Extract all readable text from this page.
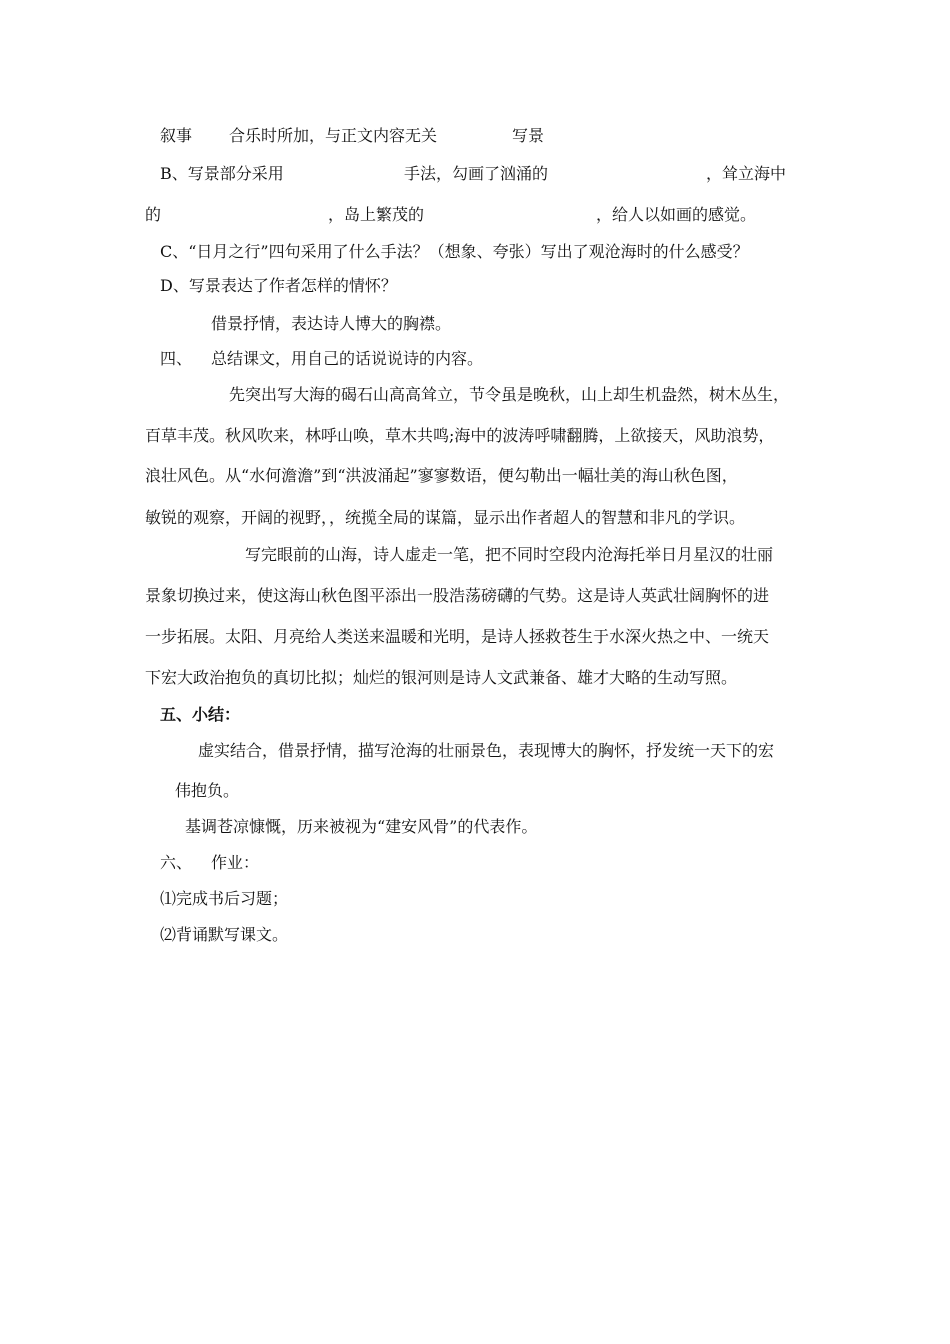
叙事 合乐时所加，与正文内容无关	写景
B、写景部分采用	手法，勾画了汹涌的	，耸立海中
的	，岛上繁茂的	，给人以如画的感觉。
C、“日月之行”四句采用了什么手法？（想象、夸张）写出了观沧海时的什么感受？
D、写景表达了作者怎样的情怀？
借景抒情，表达诗人博大的胸襟。
四、 总结课文，用自己的话说说诗的内容。
先突出写大海的碣石山高高耸立，节令虽是晚秋，山上却生机盎然，树木丛生，
百草丰茂。秋风吹来，林呼山唤，草木共鸣;海中的波涛呼啸翻腾，上欲接天，风助浪势，
浪壮风色。从“水何澹澹”到“洪波涌起”寥寥数语，便勾勒出一幅壮美的海山秋色图，
敏锐的观察，开阔的视野，，统揽全局的谋篇，显示出作者超人的智慧和非凡的学识。
写完眼前的山海，诗人虚走一笔，把不同时空段内沧海托举日月星汉的壮丽
景象切换过来，使这海山秋色图平添出一股浩荡磅礴的气势。这是诗人英武壮阔胸怀的进
一步拓展。太阳、月亮给人类送来温暖和光明，是诗人拯救苍生于水深火热之中、一统天
下宏大政治抱负的真切比拟；灿烂的银河则是诗人文武兼备、雄才大略的生动写照。
五、小结：
虚实结合，借景抒情，描写沧海的壮丽景色，表现博大的胸怀，抒发统一天下的宏
伟抱负。
基调苍凉慷慨，历来被视为“建安风骨”的代表作。
六、 作业：
⑴完成书后习题；
⑵背诵默写课文。
